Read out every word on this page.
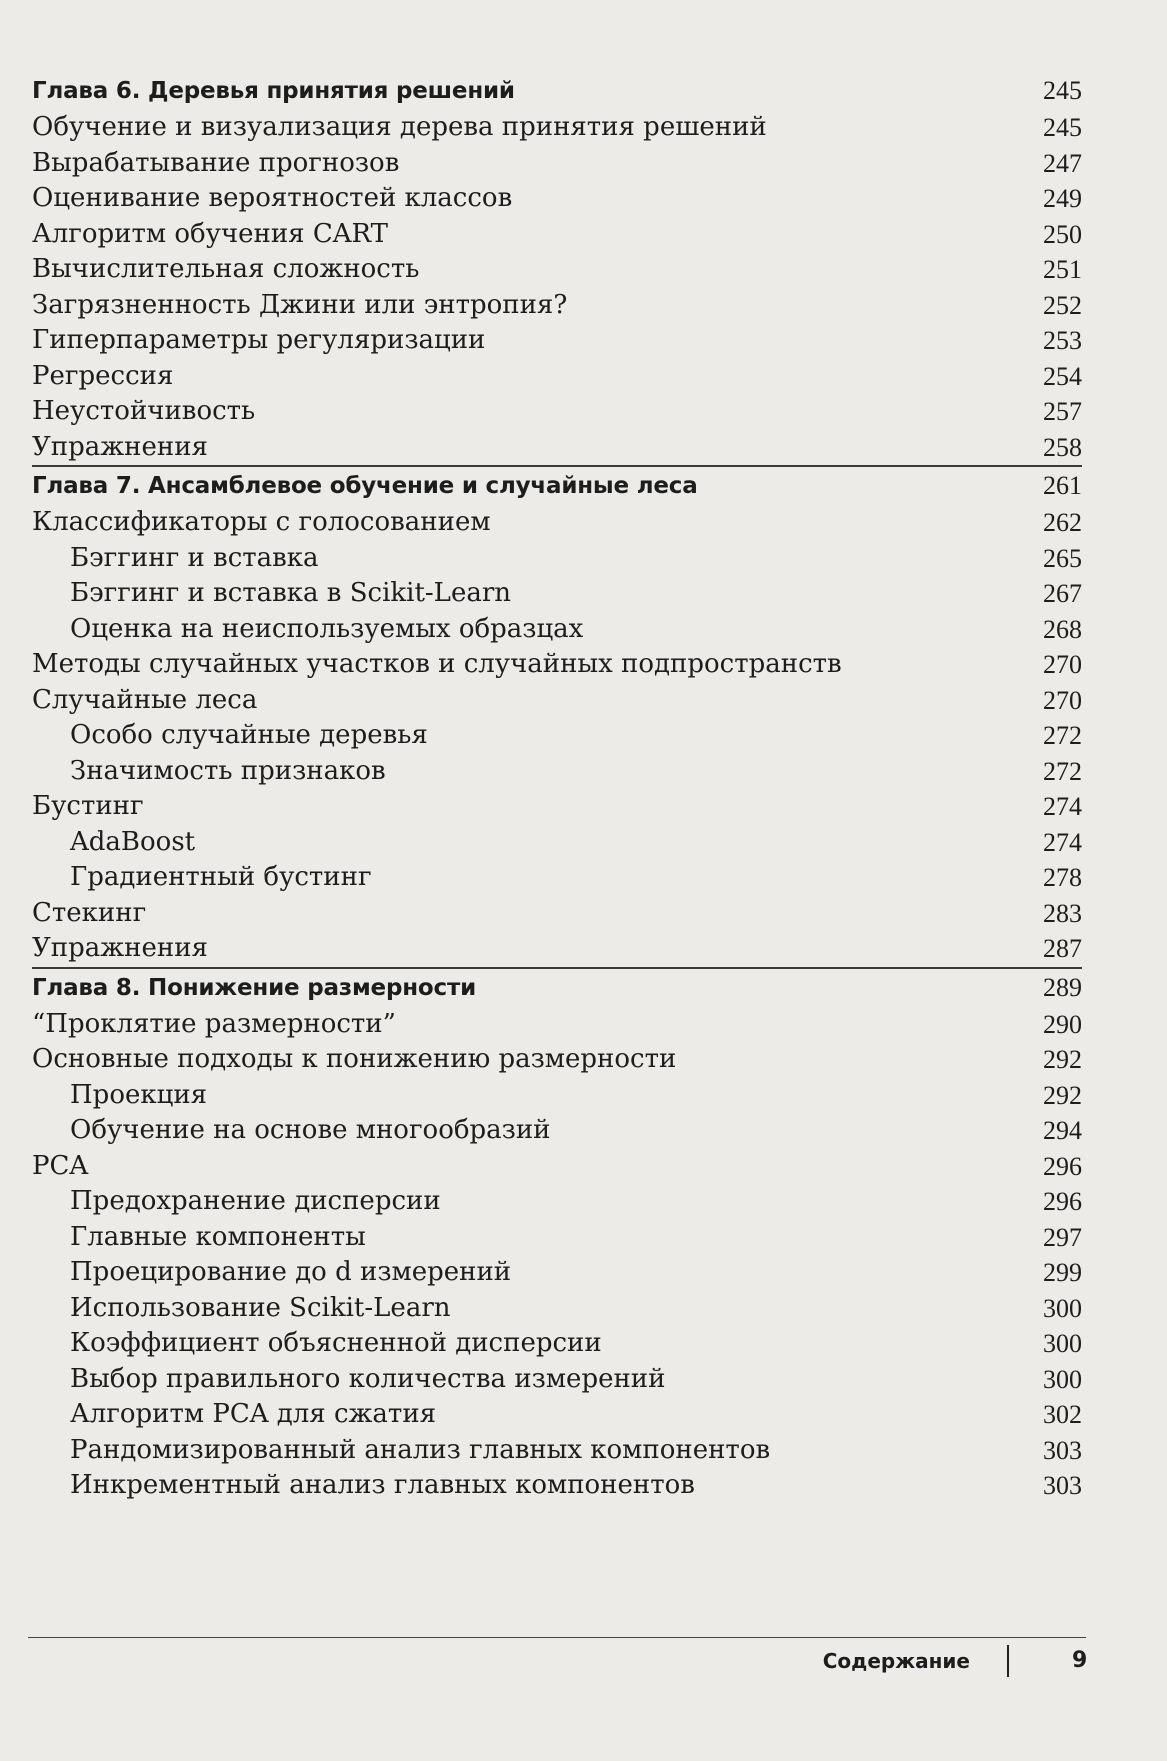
Глава 6. Деревья принятия решений	245
Обучение и визуализация дерева принятия решений	245
Вырабатывание прогнозов	247
Оценивание вероятностей классов	249
Алгоритм обучения CART	250
Вычислительная сложность	251
Загрязненность Джини или энтропия?	252
Гиперпараметры регуляризации	253
Регрессия	254
Неустойчивость	257
Упражнения	258
Глава 7. Ансамблевое обучение и случайные леса	261
Классификаторы с голосованием	262
Бэггинг и вставка	265
Бэггинг и вставка в Scikit-Learn	267
Оценка на неиспользуемых образцах	268
Методы случайных участков и случайных подпространств	270
Случайные леса	270
Особо случайные деревья	272
Значимость признаков	272
Бустинг	274
AdaBoost	274
Градиентный бустинг	278
Стекинг	283
Упражнения	287
Глава 8. Понижение размерности	289
“Проклятие размерности”	290
Основные подходы к понижению размерности	292
Проекция	292
Обучение на основе многообразий	294
PCA	296
Предохранение дисперсии	296
Главные компоненты	297
Проецирование до d измерений	299
Использование Scikit-Learn	300
Коэффициент объясненной дисперсии	300
Выбор правильного количества измерений	300
Алгоритм PCA для сжатия	302
Рандомизированный анализ главных компонентов	303
Инкрементный анализ главных компонентов	303
Содержание	9
